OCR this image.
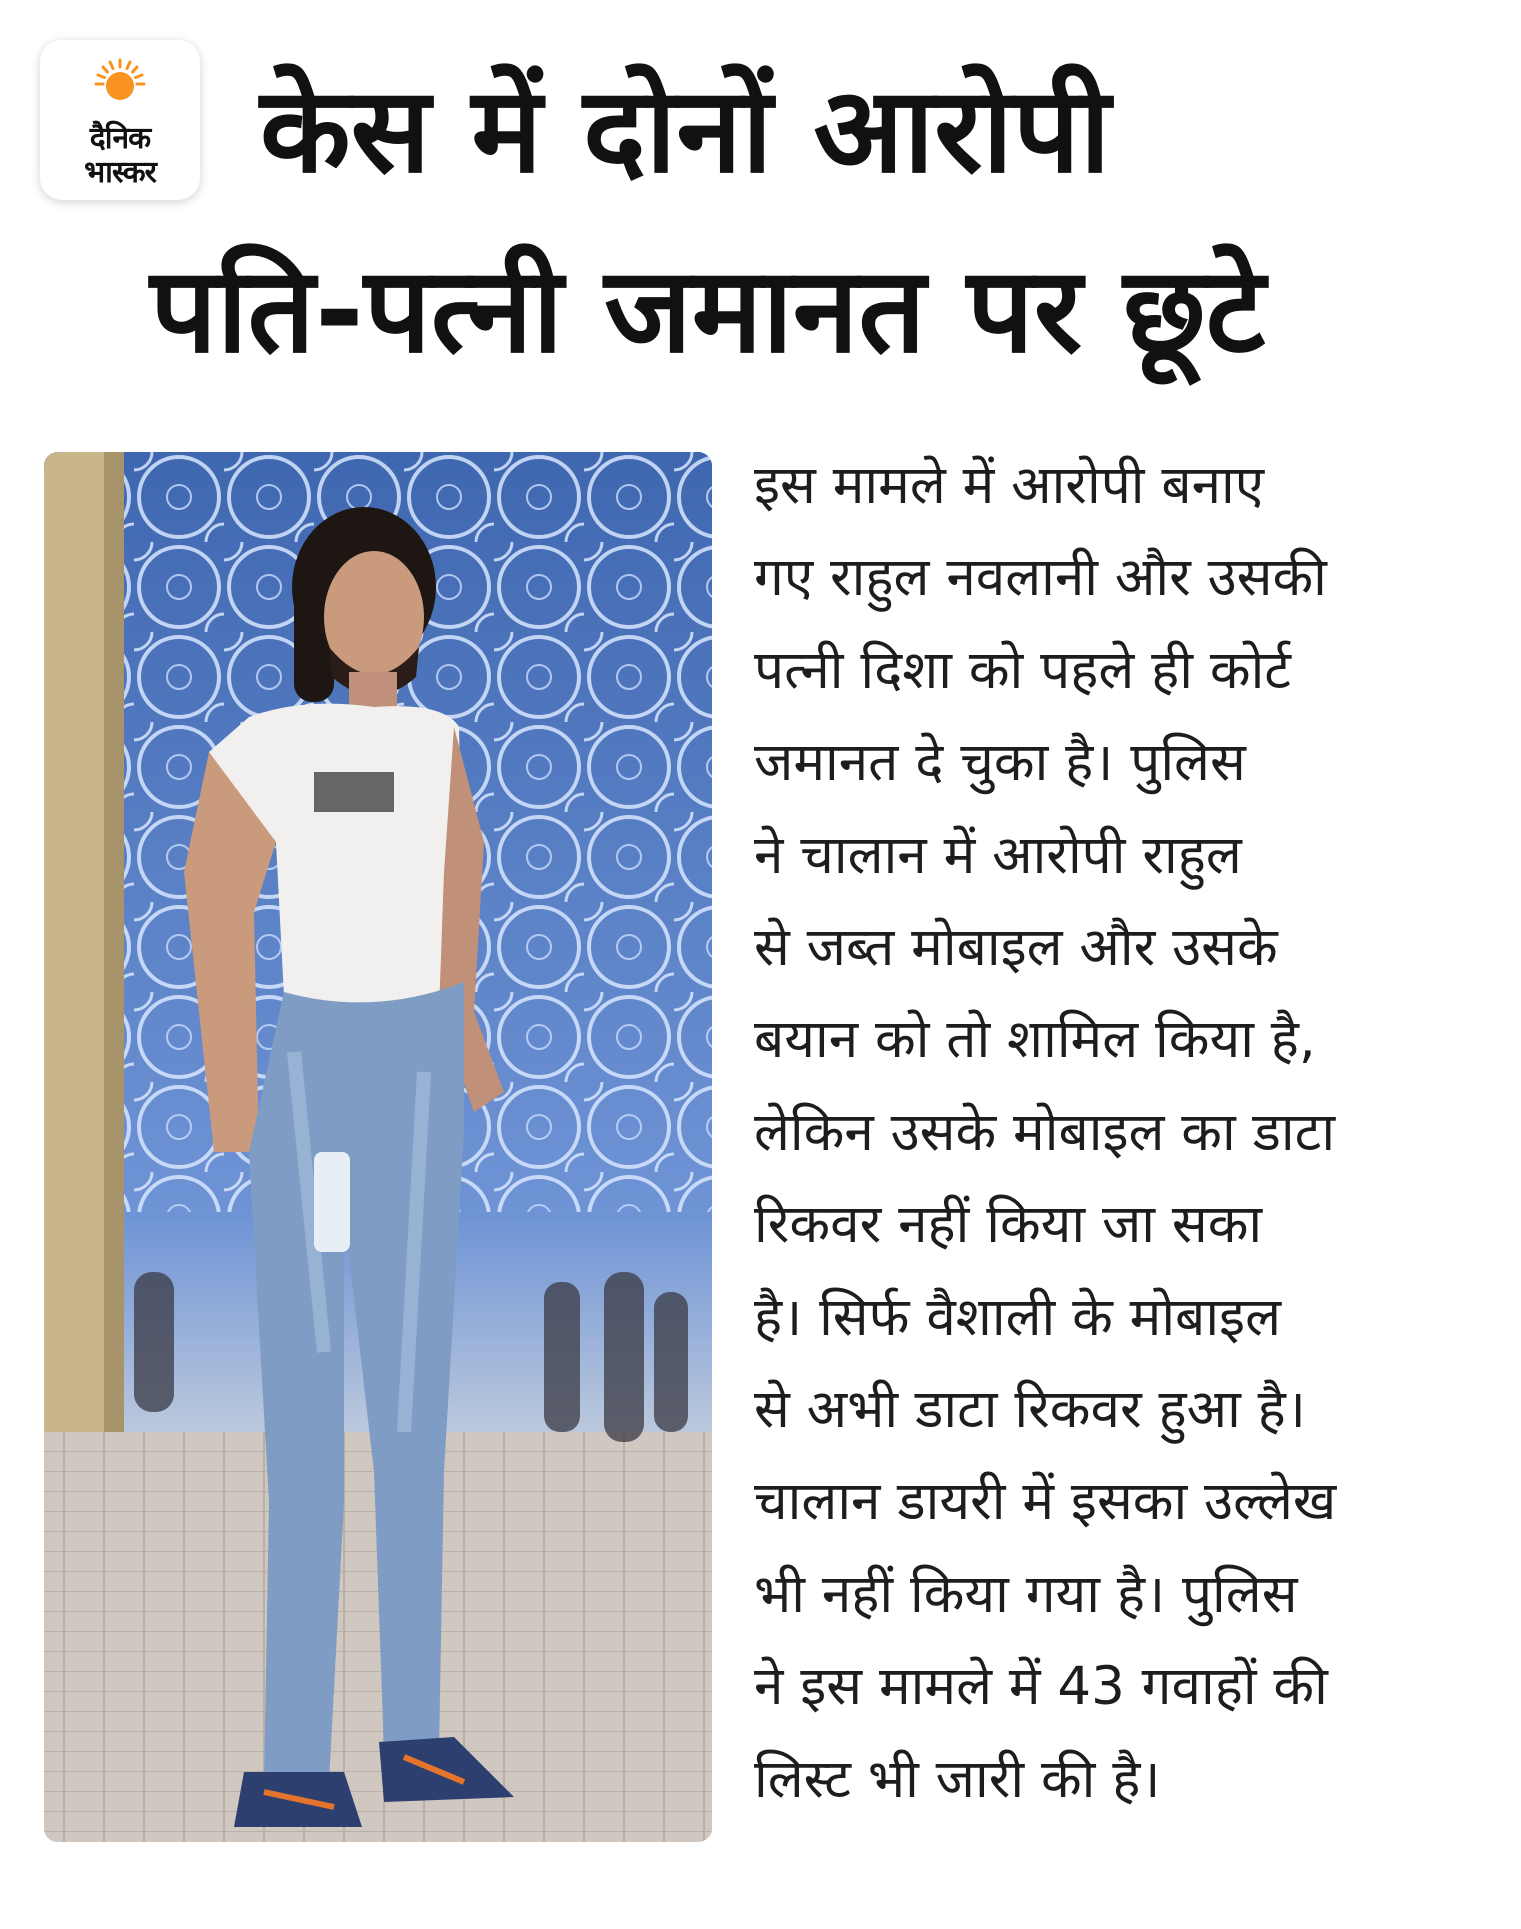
दैनिक
भास्कर केस में दोनों आरोपी
पति-पत्नी जमानत पर छूटे
इस मामले में आरोपी बनाए
गए राहुल नवलानी और उसकी
पत्नी दिशा को पहले ही कोर्ट
जमानत दे चुका है। पुलिस
ने चालान में आरोपी राहुल
से जब्त मोबाइल और उसके
बयान को तो शामिल किया है,
लेकिन उसके मोबाइल का डाटा
रिकवर नहीं किया जा सका
है। सिर्फ वैशाली के मोबाइल
से अभी डाटा रिकवर हुआ है।
चालान डायरी में इसका उल्लेख
भी नहीं किया गया है। पुलिस
ने इस मामले में 43 गवाहों की
लिस्ट भी जारी की है।
